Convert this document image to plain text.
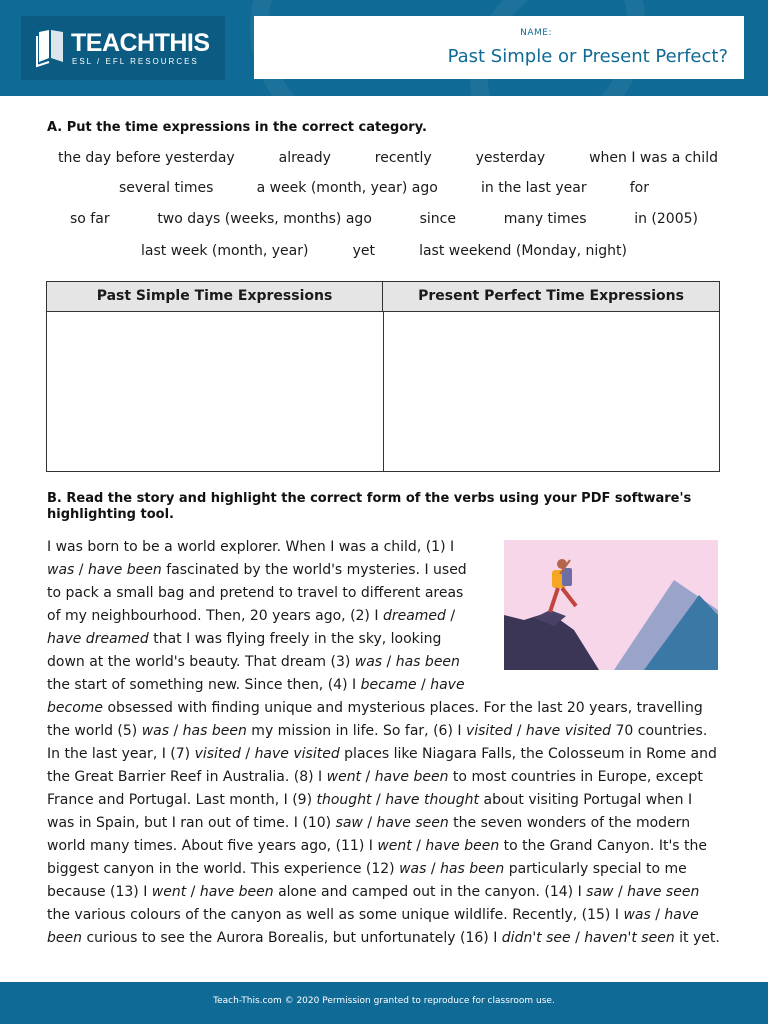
TEACHTHIS
ESL / EFL RESOURCES
NAME:
Past Simple or Present Perfect?
A. Put the time expressions in the correct category.
the day before yesterday	already	recently	yesterday	when I was a child
several times	a week (month, year) ago	in the last year	for
so far	two days (weeks, months) ago	since	many times	in (2005)
last week (month, year)	yet	last weekend (Monday, night)
Past Simple Time Expressions	Present Perfect Time Expressions
B. Read the story and highlight the correct form of the verbs using your PDF software's highlighting tool.
I was born to be a world explorer. When I was a child, (1) I was / have been fascinated by the world's mysteries. I used to pack a small bag and pretend to travel to different areas of my neighbourhood. Then, 20 years ago, (2) I dreamed / have dreamed that I was flying freely in the sky, looking down at the world's beauty. That dream (3) was / has been the start of something new. Since then, (4) I became / have become obsessed with finding unique and mysterious places. For the last 20 years, travelling the world (5) was / has been my mission in life. So far, (6) I visited / have visited 70 countries. In the last year, I (7) visited / have visited places like Niagara Falls, the Colosseum in Rome and the Great Barrier Reef in Australia. (8) I went / have been to most countries in Europe, except France and Portugal. Last month, I (9) thought / have thought about visiting Portugal when I was in Spain, but I ran out of time. I (10) saw / have seen the seven wonders of the modern world many times. About five years ago, (11) I went / have been to the Grand Canyon. It's the biggest canyon in the world. This experience (12) was / has been particularly special to me because (13) I went / have been alone and camped out in the canyon. (14) I saw / have seen the various colours of the canyon as well as some unique wildlife. Recently, (15) I was / have been curious to see the Aurora Borealis, but unfortunately (16) I didn't see / haven't seen it yet.
Teach-This.com © 2020 Permission granted to reproduce for classroom use.
